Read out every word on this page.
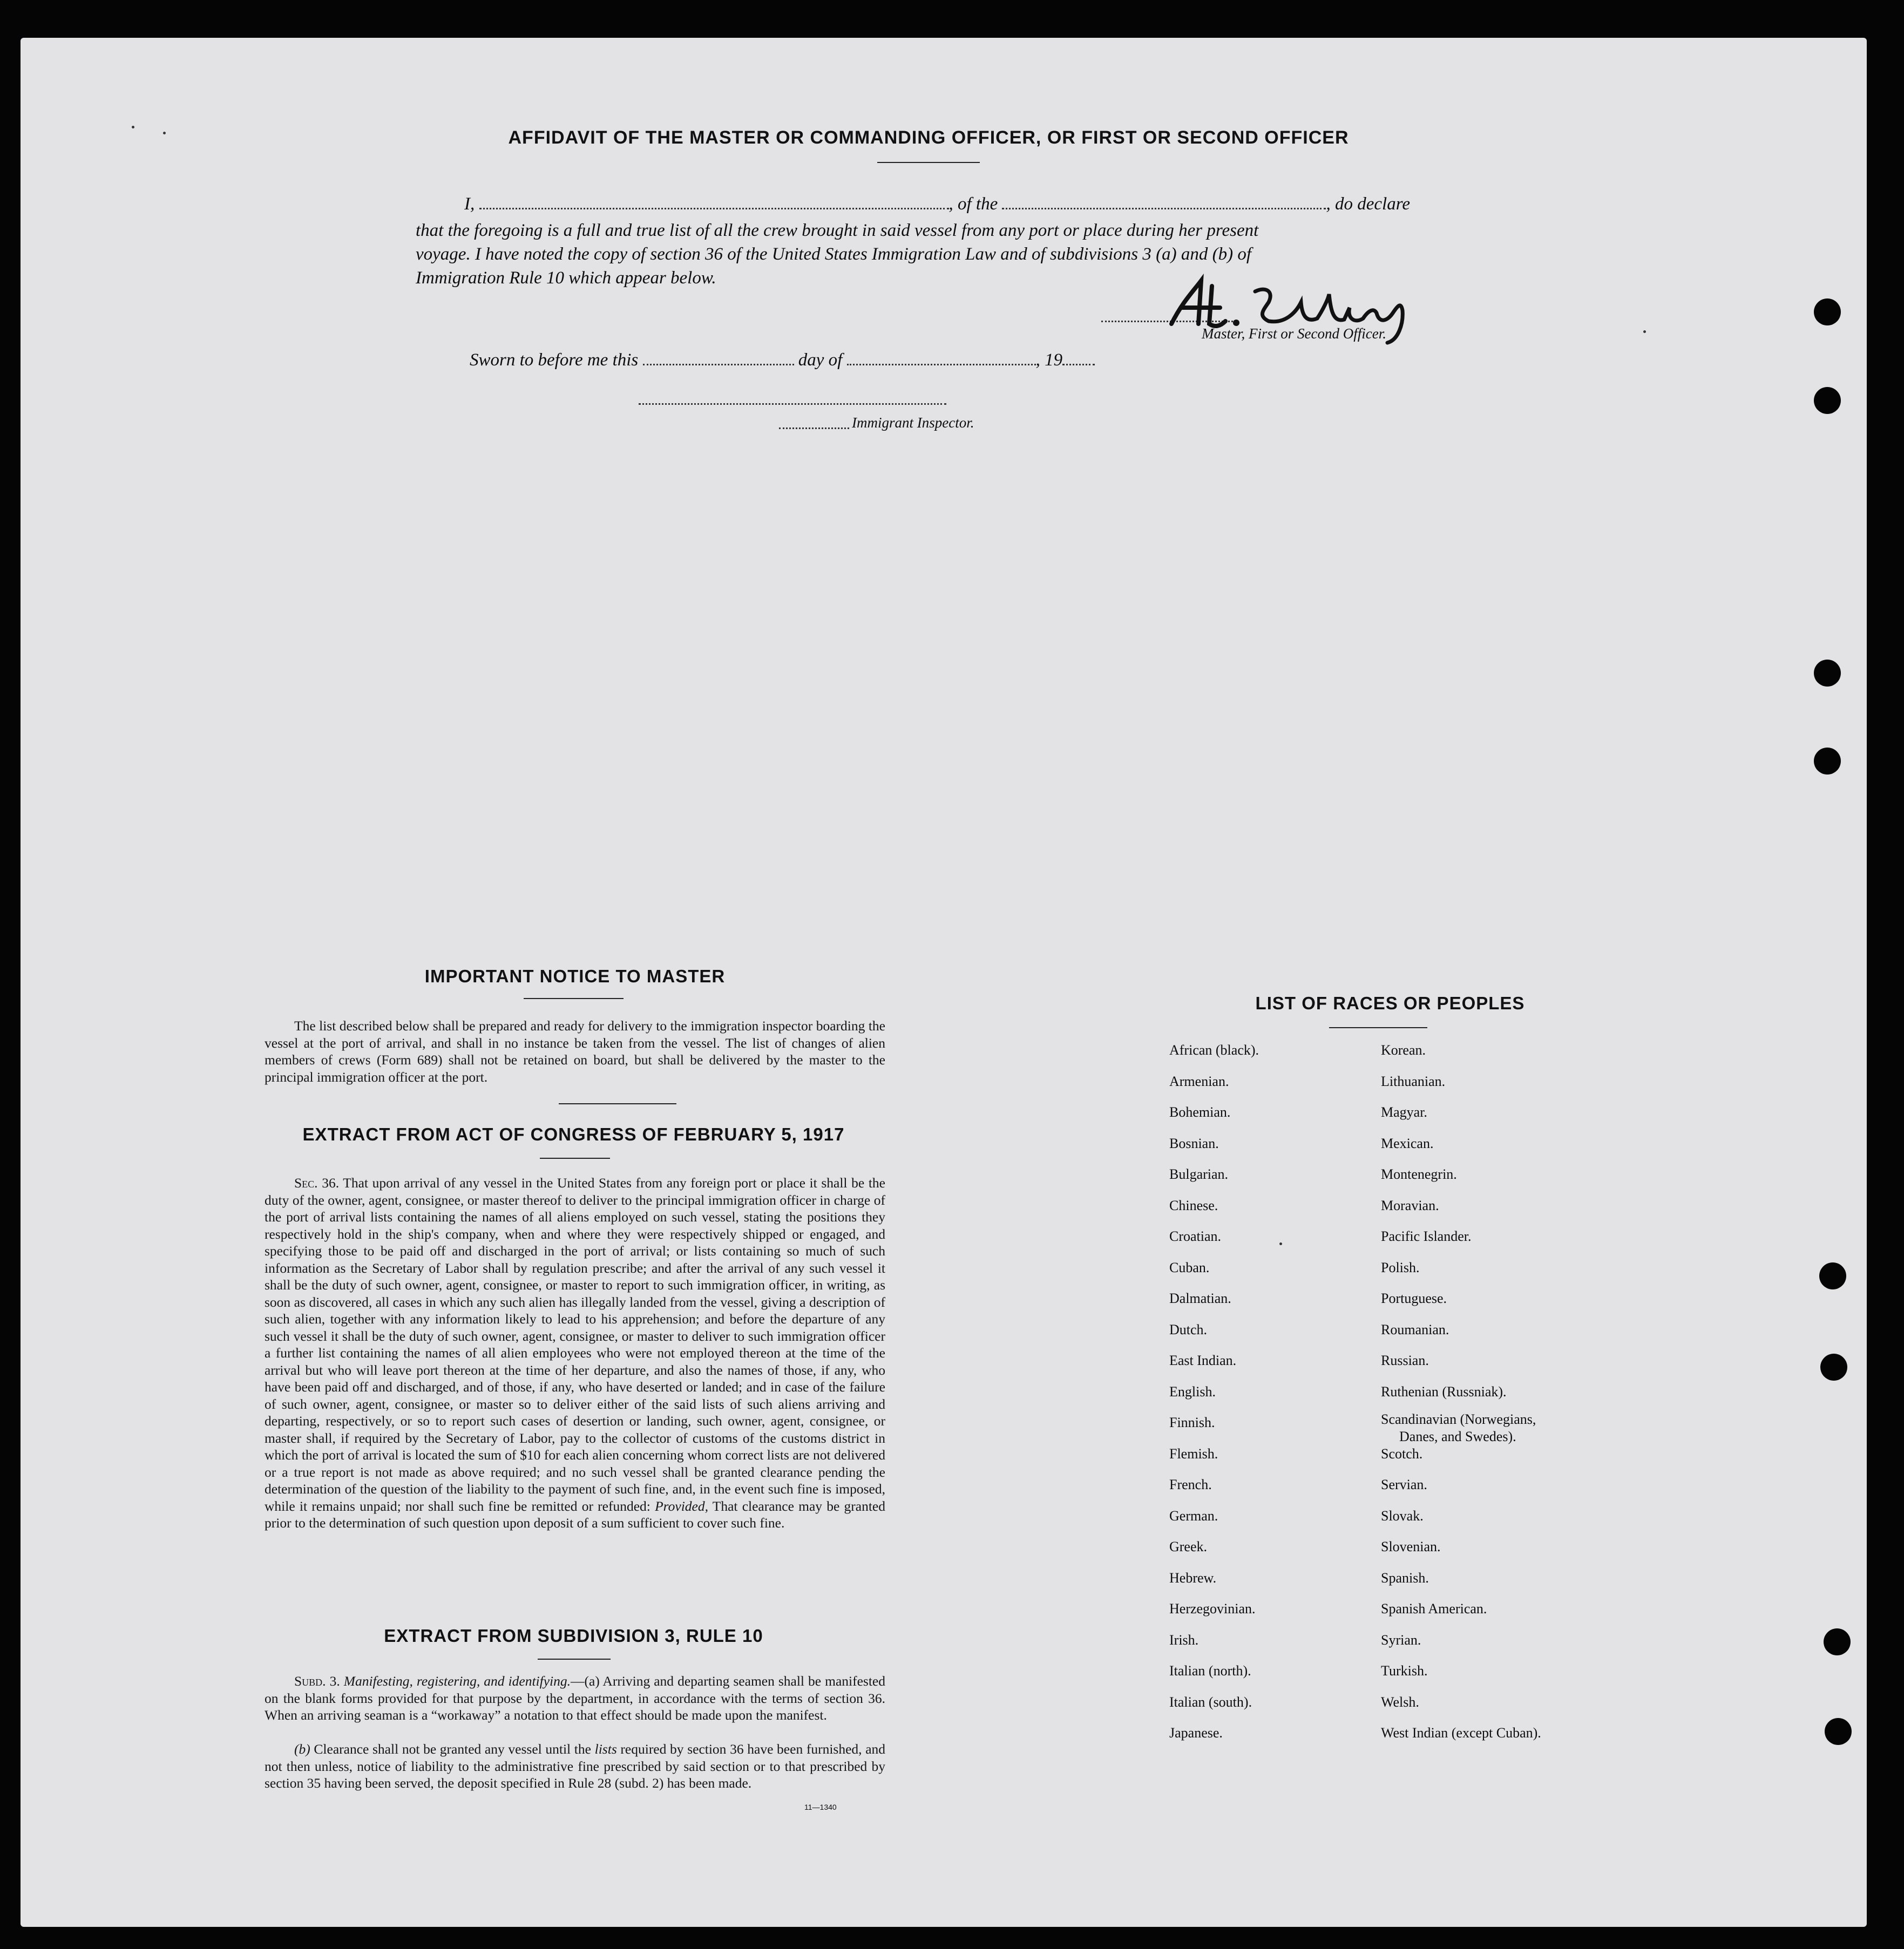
AFFIDAVIT OF THE MASTER OR COMMANDING OFFICER, OR FIRST OR SECOND OFFICER
I,	, of the	, do declare
that the foregoing is a full and true list of all the crew brought in said vessel from any port or place during her present
voyage. I have noted the copy of section 36 of the United States Immigration Law and of subdivisions 3 (a) and (b) of
Immigration Rule 10 which appear below.
Master, First or Second Officer.
Sworn to before me this	day of	, 19
Immigrant Inspector.
IMPORTANT NOTICE TO MASTER
The list described below shall be prepared and ready for delivery to the immigration inspector boarding the vessel at the port of arrival, and shall in no instance be taken from the vessel. The list of changes of alien members of crews (Form 689) shall not be retained on board, but shall be delivered by the master to the principal immigration officer at the port.
EXTRACT FROM ACT OF CONGRESS OF FEBRUARY 5, 1917
Sec. 36. That upon arrival of any vessel in the United States from any foreign port or place it shall be the duty of the owner, agent, consignee, or master thereof to deliver to the principal immigration officer in charge of the port of arrival lists containing the names of all aliens employed on such vessel, stating the positions they respectively hold in the ship's company, when and where they were respectively shipped or engaged, and specifying those to be paid off and discharged in the port of arrival; or lists containing so much of such information as the Secretary of Labor shall by regulation prescribe; and after the arrival of any such vessel it shall be the duty of such owner, agent, consignee, or master to report to such immigration officer, in writing, as soon as discovered, all cases in which any such alien has illegally landed from the vessel, giving a description of such alien, together with any information likely to lead to his apprehension; and before the departure of any such vessel it shall be the duty of such owner, agent, consignee, or master to deliver to such immigration officer a further list containing the names of all alien employees who were not employed thereon at the time of the arrival but who will leave port thereon at the time of her departure, and also the names of those, if any, who have been paid off and discharged, and of those, if any, who have deserted or landed; and in case of the failure of such owner, agent, consignee, or master so to deliver either of the said lists of such aliens arriving and departing, respectively, or so to report such cases of desertion or landing, such owner, agent, consignee, or master shall, if required by the Secretary of Labor, pay to the collector of customs of the customs district in which the port of arrival is located the sum of $10 for each alien concerning whom correct lists are not delivered or a true report is not made as above required; and no such vessel shall be granted clearance pending the determination of the question of the liability to the payment of such fine, and, in the event such fine is imposed, while it remains unpaid; nor shall such fine be remitted or refunded: Provided, That clearance may be granted prior to the determination of such question upon deposit of a sum sufficient to cover such fine.
EXTRACT FROM SUBDIVISION 3, RULE 10

Subd. 3. Manifesting, registering, and identifying.—(a) Arriving and departing seamen shall be manifested on the blank forms provided for that purpose by the department, in accordance with the terms of section 36. When an arriving seaman is a “workaway” a notation to that effect should be made upon the manifest.

(b) Clearance shall not be granted any vessel until the lists required by section 36 have been furnished, and not then unless, notice of liability to the administrative fine prescribed by said section or to that prescribed by section 35 having been served, the deposit specified in Rule 28 (subd. 2) has been made.

11—1340
LIST OF RACES OR PEOPLES
African (black).
Armenian.
Bohemian.
Bosnian.
Bulgarian.
Chinese.
Croatian.
Cuban.
Dalmatian.
Dutch.
East Indian.
English.
Finnish.
Flemish.
French.
German.
Greek.
Hebrew.
Herzegovinian.
Irish.
Italian (north).
Italian (south).
Japanese.
Korean.
Lithuanian.
Magyar.
Mexican.
Montenegrin.
Moravian.
Pacific Islander.
Polish.
Portuguese.
Roumanian.
Russian.
Ruthenian (Russniak).
Scandinavian (Norwegians,
Scotch.
Servian.
Slovak.
Slovenian.
Spanish.
Spanish American.
Syrian.
Turkish.
Welsh.
West Indian (except Cuban).
Danes, and Swedes).
